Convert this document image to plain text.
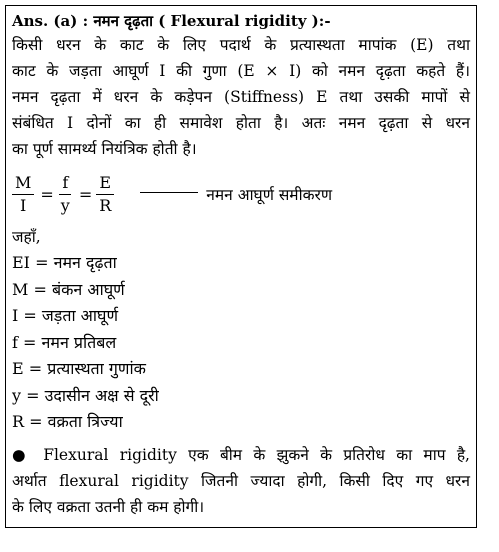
Ans. (a) : नमन दृढ़ता ( Flexural rigidity ):-

किसी धरन के काट के लिए पदार्थ के प्रत्यास्थता मापांक (E) तथा
काट के जड़ता आघूर्ण I की गुणा (E × I) को नमन दृढ़ता कहते हैं।
नमन दृढ़ता में धरन के कड़ेपन (Stiffness) E तथा उसकी मापों से
संबंधित I दोनों का ही समावेश होता है। अतः नमन दृढ़ता से धरन
का पूर्ण सामर्थ्य नियंत्रिक होती है।

$\frac{M}{I} = \frac{f}{y} = \frac{E}{R}$	नमन आघूर्ण समीकरण

जहाँ,

EI = नमन दृढ़ता
M = बंकन आघूर्ण
I = जड़ता आघूर्ण
f = नमन प्रतिबल
E = प्रत्यास्थता गुणांक
y = उदासीन अक्ष से दूरी
R = वक्रता त्रिज्या

● Flexural rigidity एक बीम के झुकने के प्रतिरोध का माप है,
अर्थात flexural rigidity जितनी ज्यादा होगी, किसी दिए गए धरन
के लिए वक्रता उतनी ही कम होगी।
